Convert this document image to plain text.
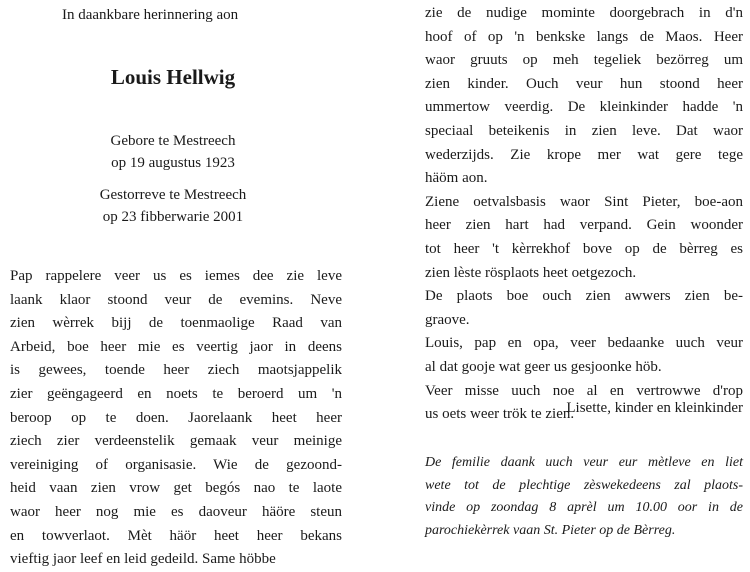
In daankbare herinnering aon
Louis Hellwig
Gebore te Mestreech
op 19 augustus 1923
Gestorreve te Mestreech
op 23 fibberwarie 2001
Pap rappelere veer us es iemes dee zie leve
laank klaor stoond veur de evemins. Neve
zien wèrrek bijj de toenmaolige Raad van
Arbeid, boe heer mie es veertig jaor in deens
is gewees, toende heer ziech maotsjappelik
zier geëngageerd en noets te beroerd um 'n
beroop op te doen. Jaorelaank heet heer
ziech zier verdeenstelik gemaak veur meinige
vereiniging of organisasie. Wie de gezoond-
heid vaan zien vrow get begós nao te laote
waor heer nog mie es daoveur häöre steun
en towverlaot. Mèt häör heet heer bekans
vieftig jaor leef en leid gedeild. Same höbbe
zie de nudige mominte doorgebrach in d'n
hoof of op 'n benkske langs de Maos. Heer
waor gruuts op meh tegeliek bezörreg um
zien kinder. Ouch veur hun stoond heer
ummertow veerdig. De kleinkinder hadde 'n
speciaal beteikenis in zien leve. Dat waor
wederzijds. Zie krope mer wat gere tege
häöm aon.
Ziene oetvalsbasis waor Sint Pieter, boe-aon
heer zien hart had verpand. Gein woonder
tot heer 't kèrrekhof bove op de bèrreg es
zien lèste rösplaots heet oetgezoch.
De plaots boe ouch zien awwers zien be-
graove.
Louis, pap en opa, veer bedaanke uuch veur
al dat gooje wat geer us gesjoonke höb.
Veer misse uuch noe al en vertrowwe d'rop
us oets weer trök te zien.
Lisette, kinder en kleinkinder
De femilie daank uuch veur eur mètleve en liet
wete tot de plechtige zèswekedeens zal plaots-
vinde op zoondag 8 aprèl um 10.00 oor in de
parochiekèrrek vaan St. Pieter op de Bèrreg.
